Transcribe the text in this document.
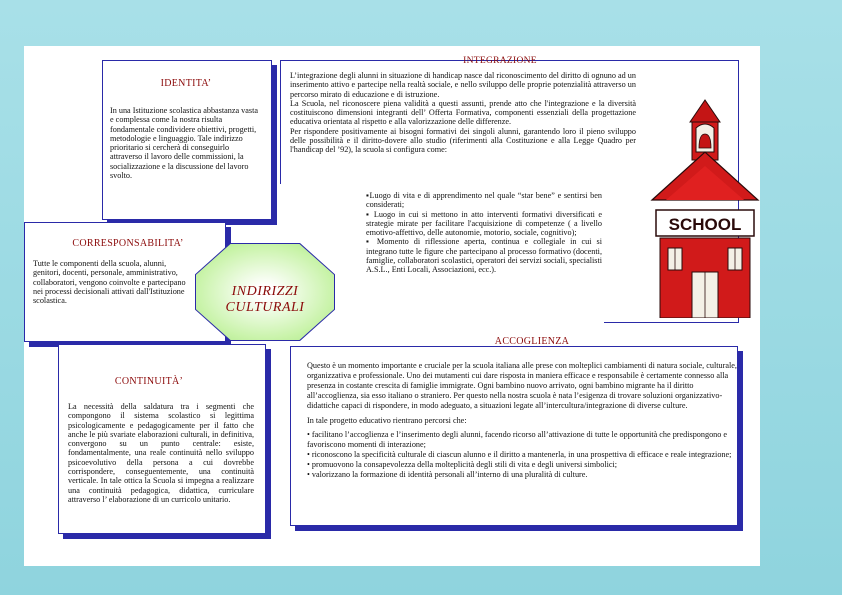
IDENTITA’
In una Istituzione scolastica abbastanza vasta e complessa come la nostra risulta fondamentale condividere obiettivi, progetti, metodologie e linguaggio. Tale indirizzo prioritario si cercherà di conseguirlo attraverso il lavoro delle commissioni, la socializzazione e la discussione del lavoro svolto.
CORRESPONSABILITA’
Tutte le componenti della scuola, alunni, genitori, docenti, personale, amministrativo, collaboratori, vengono coinvolte e partecipano nei processi decisionali attivati dall'Istituzione scolastica.
CONTINUITÀ’
La necessità della saldatura tra i segmenti che compongono il sistema scolastico si legittima psicologicamente e pedagogicamente per il fatto che anche le più svariate elaborazioni culturali, in definitiva, convergono su un punto centrale: esiste, fondamentalmente, una reale continuità nello sviluppo psicoevolutivo della persona a cui dovrebbe corrispondere, conseguentemente, una continuità verticale. In tale ottica la Scuola si impegna a realizzare una continuità pedagogica, didattica, curriculare attraverso l’ elaborazione di un curricolo unitario.
INTEGRAZIONE

L’integrazione degli alunni in situazione di handicap nasce dal riconoscimento del diritto di ognuno ad un inserimento attivo e partecipe nella realtà sociale, e nello sviluppo delle proprie potenzialità attraverso un percorso mirato di educazione e di istruzione.

La Scuola, nel riconoscere piena validità a questi assunti, prende atto che l'integrazione e la diversità costituiscono dimensioni integranti dell’ Offerta Formativa, componenti essenziali della progettazione educativa orientata al rispetto e alla valorizzazione delle differenze.

Per rispondere positivamente ai bisogni formativi dei singoli alunni, garantendo loro il pieno sviluppo delle possibilità e il diritto-dovere allo studio (riferimenti alla Costituzione e alla Legge Quadro per l'handicap del ’92), la scuola si configura come:

▪Luogo di vita e di apprendimento nel quale “star bene” e sentirsi ben considerati;

▪ Luogo in cui si mettono in atto interventi formativi diversificati e strategie mirate per facilitare l'acquisizione di competenze ( a livello emotivo-affettivo, delle autonomie, motorio, sociale, cognitivo);

▪ Momento di riflessione aperta, continua e collegiale in cui si integrano tutte le figure che partecipano al processo formativo (docenti, famiglie, collaboratori scolastici, operatori dei servizi sociali, specialisti A.S.L., Enti Locali, Associazioni, ecc.).

SCHOOL
INDIRIZZI
CULTURALI
ACCOGLIENZA

Questo è un momento importante e cruciale per la scuola italiana alle prese con molteplici cambiamenti di natura sociale, culturale, organizzativa e professionale. Uno dei mutamenti cui dare risposta in maniera efficace e responsabile è certamente connesso alla presenza in costante crescita di famiglie immigrate. Ogni bambino nuovo arrivato, ogni bambino migrante ha il diritto all’accoglienza, sia esso italiano o straniero. Per questo nella nostra scuola è nata l’esigenza di trovare soluzioni organizzativo-didattiche capaci di rispondere, in modo adeguato, a situazioni legate all’intercultura/integrazione di diverse culture.

In tale progetto educativo rientrano percorsi che:

• facilitano l’accoglienza e l’inserimento degli alunni, facendo ricorso all’attivazione di tutte le opportunità che predispongono e favoriscono momenti di interazione;

• riconoscono la specificità culturale di ciascun alunno e il diritto a mantenerla, in una prospettiva di efficace e reale integrazione;

• promuovono la consapevolezza della molteplicità degli stili di vita e degli universi simbolici;

• valorizzano la formazione di identità personali all’interno di una pluralità di culture.
